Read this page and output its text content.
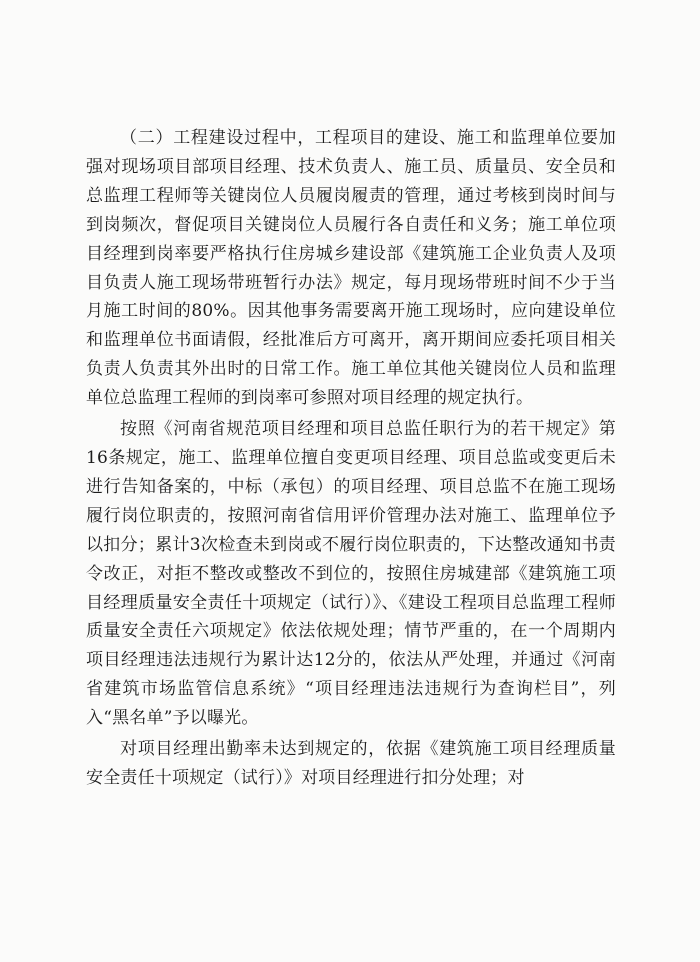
（二）工程建设过程中，工程项目的建设、施工和监理单位要加强对现场项目部项目经理、技术负责人、施工员、质量员、安全员和总监理工程师等关键岗位人员履岗履责的管理，通过考核到岗时间与到岗频次，督促项目关键岗位人员履行各自责任和义务；施工单位项目经理到岗率要严格执行住房城乡建设部《建筑施工企业负责人及项目负责人施工现场带班暂行办法》规定，每月现场带班时间不少于当月施工时间的80%。因其他事务需要离开施工现场时，应向建设单位和监理单位书面请假，经批准后方可离开，离开期间应委托项目相关负责人负责其外出时的日常工作。施工单位其他关键岗位人员和监理单位总监理工程师的到岗率可参照对项目经理的规定执行。

按照《河南省规范项目经理和项目总监任职行为的若干规定》第16条规定，施工、监理单位擅自变更项目经理、项目总监或变更后未进行告知备案的，中标（承包）的项目经理、项目总监不在施工现场履行岗位职责的，按照河南省信用评价管理办法对施工、监理单位予以扣分；累计3次检查未到岗或不履行岗位职责的，下达整改通知书责令改正，对拒不整改或整改不到位的，按照住房城建部《建筑施工项目经理质量安全责任十项规定（试行）》、《建设工程项目总监理工程师质量安全责任六项规定》依法依规处理；情节严重的，在一个周期内项目经理违法违规行为累计达12分的，依法从严处理，并通过《河南省建筑市场监管信息系统》“项目经理违法违规行为查询栏目”，列入“黑名单”予以曝光。

对项目经理出勤率未达到规定的，依据《建筑施工项目经理质量安全责任十项规定（试行）》对项目经理进行扣分处理；对
